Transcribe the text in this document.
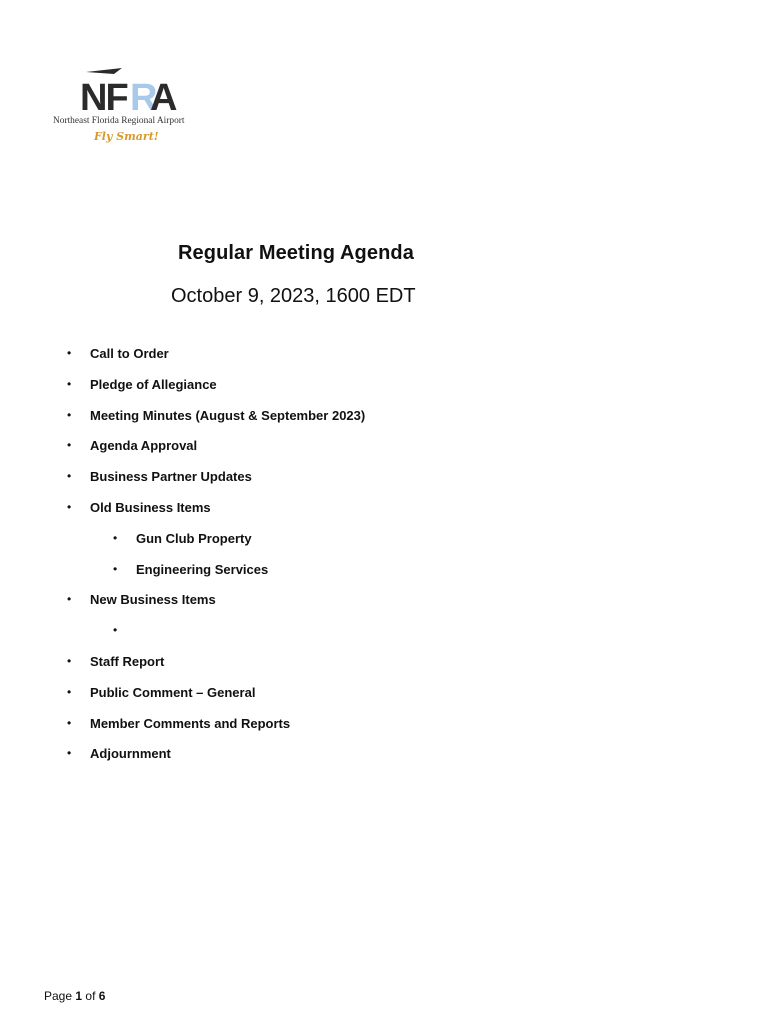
NF R
A
Northeast Florida Regional Airport
Fly Smart!
Regular Meeting Agenda
October 9, 2023, 1600 EDT
• Call to Order
• Pledge of Allegiance
• Meeting Minutes (August & September 2023)
• Agenda Approval
• Business Partner Updates
• Old Business Items
• Gun Club Property
• Engineering Services
• New Business Items
•
• Staff Report
• Public Comment – General
• Member Comments and Reports
• Adjournment
Page 1 of 6
